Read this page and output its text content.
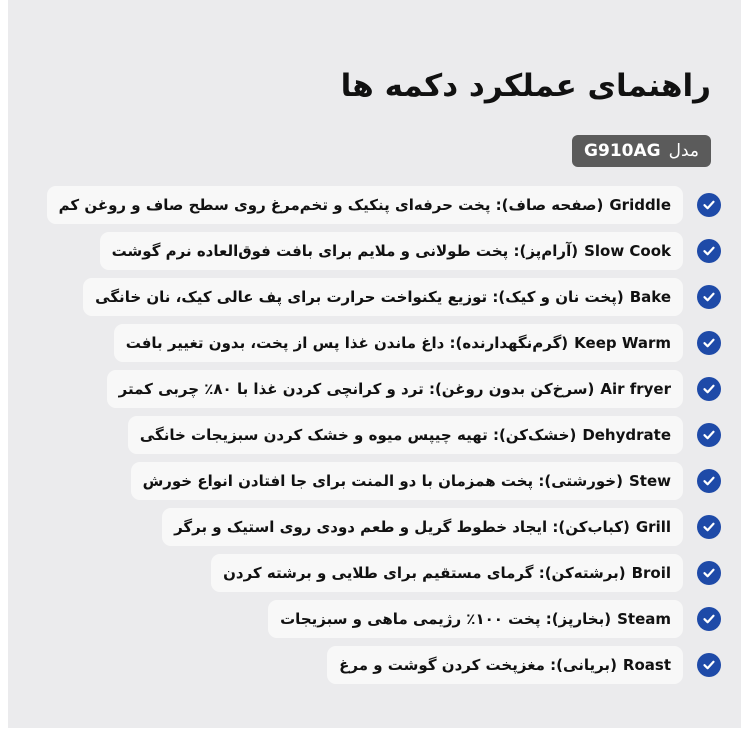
راهنمای عملکرد دکمه ها
مدلG910AG
Griddle
(صفحه صاف): پخت حرفه‌ای پنکیک و تخم‌مرغ روی سطح صاف و روغن کم
Slow Cook
(آرام‌پز): پخت طولانی و ملایم برای بافت فوق‌العاده نرم گوشت
Bake
(پخت نان و کیک): توزیع یکنواخت حرارت برای پف عالی کیک، نان خانگی
Keep Warm
(گرم‌نگهدارنده): داغ ماندن غذا پس از پخت، بدون تغییر بافت
Air fryer
(سرخ‌کن بدون روغن): ترد و کرانچی کردن غذا با ۸۰٪ چربی کمتر
Dehydrate
(خشک‌کن): تهیه چیپس میوه و خشک کردن سبزیجات خانگی
Stew
(خورشتی): پخت همزمان با دو المنت برای جا افتادن انواع خورش
Grill
(کباب‌کن): ایجاد خطوط گریل و طعم دودی روی استیک و برگر
Broil
(برشته‌کن): گرمای مستقیم برای طلایی و برشته کردن
Steam
(بخارپز): پخت ۱۰۰٪ رژیمی ماهی و سبزیجات
Roast
(بریانی): مغزپخت کردن گوشت و مرغ
